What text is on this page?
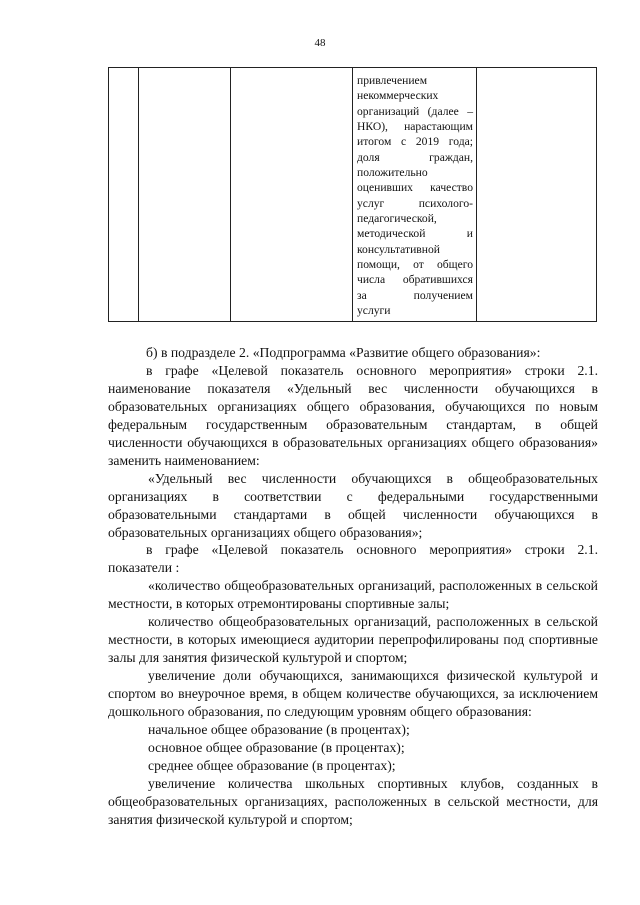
48

привлечением
некоммерческих
организаций (далее –
НКО), нарастающим
итогом с 2019 года;
доля граждан,
положительно
оценивших качество
услуг психолого-
педагогической,
методической и
консультативной
помощи, от общего
числа обратившихся
за получением
услуги

б) в подразделе 2. «Подпрограмма «Развитие общего образования»:

в графе «Целевой показатель основного мероприятия» строки 2.1. наименование показателя «Удельный вес численности обучающихся в образовательных организациях общего образования, обучающихся по новым федеральным государственным образовательным стандартам, в общей численности обучающихся в образовательных организациях общего образования» заменить наименованием:

«Удельный вес численности обучающихся в общеобразовательных организациях в соответствии с федеральными государственными образовательными стандартами в общей численности обучающихся в образовательных организациях общего образования»;

в графе «Целевой показатель основного мероприятия» строки 2.1. показатели :

«количество общеобразовательных организаций, расположенных в сельской местности, в которых отремонтированы спортивные залы;

количество общеобразовательных организаций, расположенных в сельской местности, в которых имеющиеся аудитории перепрофилированы под спортивные залы для занятия физической культурой и спортом;

увеличение доли обучающихся, занимающихся физической культурой и спортом во внеурочное время, в общем количестве обучающихся, за исключением дошкольного образования, по следующим уровням общего образования:

начальное общее образование (в процентах);

основное общее образование (в процентах);

среднее общее образование (в процентах);

увеличение количества школьных спортивных клубов, созданных в общеобразовательных организациях, расположенных в сельской местности, для занятия физической культурой и спортом;
